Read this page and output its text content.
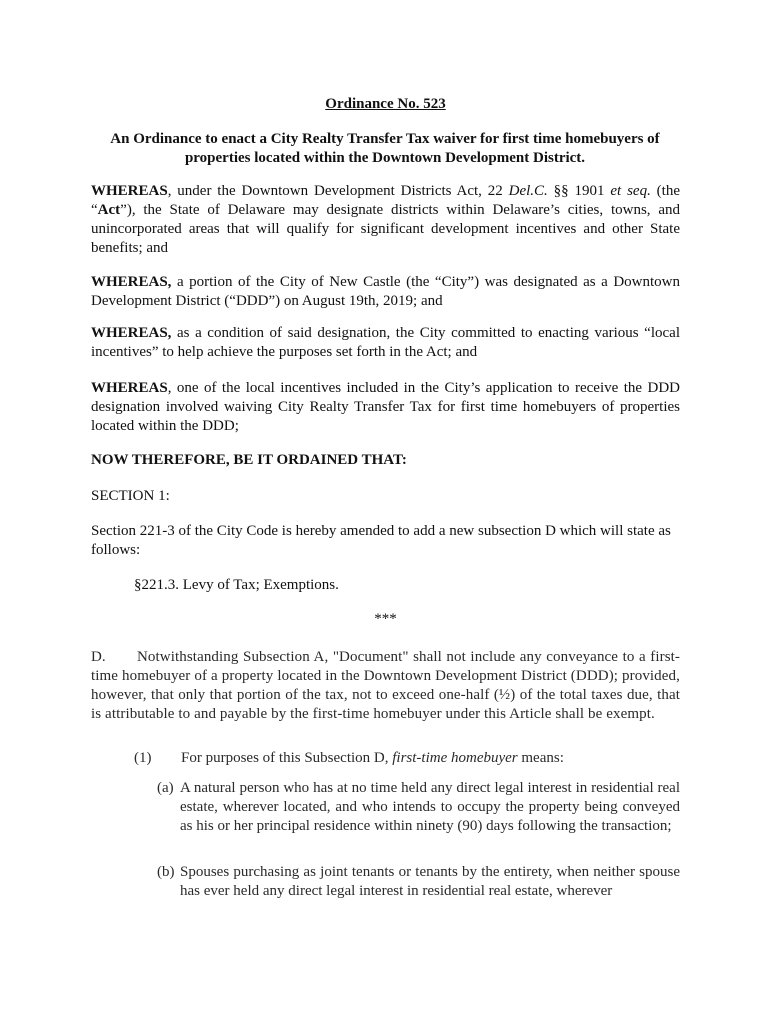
Ordinance No. 523
An Ordinance to enact a City Realty Transfer Tax waiver for first time homebuyers of properties located within the Downtown Development District.

WHEREAS, under the Downtown Development Districts Act, 22 Del.C. §§ 1901 et seq. (the “Act”), the State of Delaware may designate districts within Delaware’s cities, towns, and unincorporated areas that will qualify for significant development incentives and other State benefits; and

WHEREAS, a portion of the City of New Castle (the “City”) was designated as a Downtown Development District (“DDD”) on August 19th, 2019; and

WHEREAS, as a condition of said designation, the City committed to enacting various “local incentives” to help achieve the purposes set forth in the Act; and

WHEREAS, one of the local incentives included in the City’s application to receive the DDD designation involved waiving City Realty Transfer Tax for first time homebuyers of properties located within the DDD;

NOW THEREFORE, BE IT ORDAINED THAT:
SECTION 1:

Section 221-3 of the City Code is hereby amended to add a new subsection D which will state as follows:

§221.3. Levy of Tax; Exemptions.
***

D. Notwithstanding Subsection A, "Document" shall not include any conveyance to a first-time homebuyer of a property located in the Downtown Development District (DDD); provided, however, that only that portion of the tax, not to exceed one-half (½) of the total taxes due, that is attributable to and payable by the first-time homebuyer under this Article shall be exempt.

(1) For purposes of this Subsection D, first-time homebuyer means:

(a) A natural person who has at no time held any direct legal interest in residential real estate, wherever located, and who intends to occupy the property being conveyed as his or her principal residence within ninety (90) days following the transaction;
(b) Spouses purchasing as joint tenants or tenants by the entirety, when neither spouse has ever held any direct legal interest in residential real estate, wherever
